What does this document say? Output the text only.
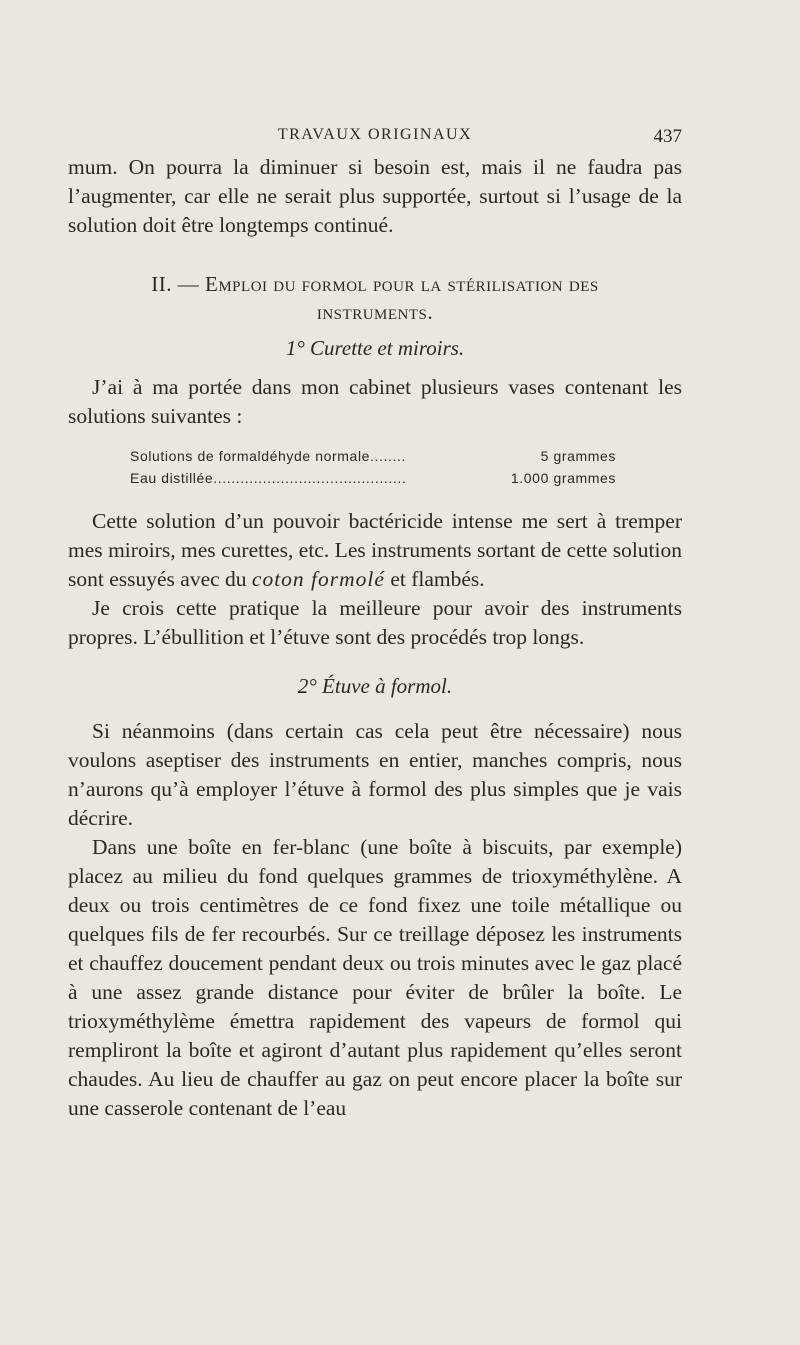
TRAVAUX ORIGINAUX	437

mum. On pourra la diminuer si besoin est, mais il ne faudra pas l’augmenter, car elle ne serait plus supportée, surtout si l’usage de la solution doit être longtemps continué.

II. — Emploi du formol pour la stérilisation des
instruments.
1° Curette et miroirs.

J’ai à ma portée dans mon cabinet plusieurs vases contenant les solutions suivantes :

Solutions de formaldéhyde normale........	5 grammes
Eau distillée...........................................	1.000 grammes

Cette solution d’un pouvoir bactéricide intense me sert à tremper mes miroirs, mes curettes, etc. Les instruments sortant de cette solution sont essuyés avec du coton formolé et flambés.

Je crois cette pratique la meilleure pour avoir des instruments propres. L’ébullition et l’étuve sont des procédés trop longs.

2° Étuve à formol.

Si néanmoins (dans certain cas cela peut être nécessaire) nous voulons aseptiser des instruments en entier, manches compris, nous n’aurons qu’à employer l’étuve à formol des plus simples que je vais décrire.

Dans une boîte en fer-blanc (une boîte à biscuits, par exemple) placez au milieu du fond quelques grammes de trioxyméthylène. A deux ou trois centimètres de ce fond fixez une toile métallique ou quelques fils de fer recourbés. Sur ce treillage déposez les instruments et chauffez doucement pendant deux ou trois minutes avec le gaz placé à une assez grande distance pour éviter de brûler la boîte. Le trioxyméthylème émettra rapidement des vapeurs de formol qui rempliront la boîte et agiront d’autant plus rapidement qu’elles seront chaudes. Au lieu de chauffer au gaz on peut encore placer la boîte sur une casserole contenant de l’eau
